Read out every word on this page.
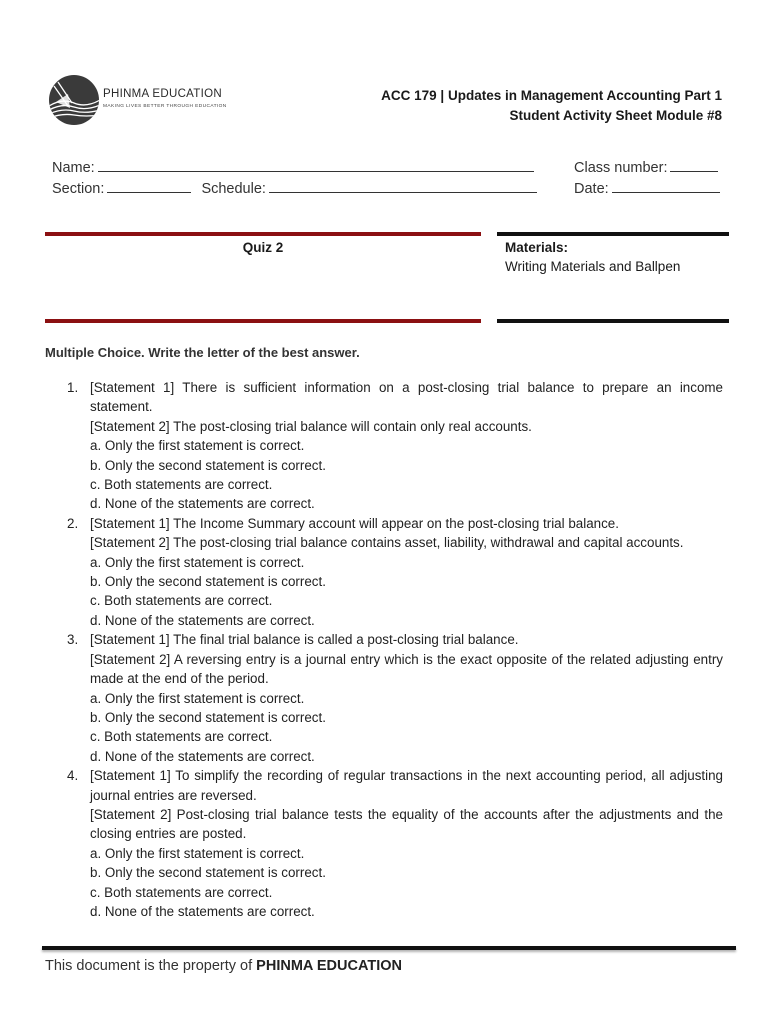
PHINMA EDUCATION
MAKING LIVES BETTER THROUGH EDUCATION
ACC 179 | Updates in Management Accounting Part 1
Student Activity Sheet Module #8
Name:
Section:	Schedule:
Class number:
Date:
Quiz 2	Materials:
Writing Materials and Ballpen
Multiple Choice. Write the letter of the best answer.
1. [Statement 1] There is sufficient information on a post-closing trial balance to prepare an income statement.
[Statement 2] The post-closing trial balance will contain only real accounts.
a. Only the first statement is correct.
b. Only the second statement is correct.
c. Both statements are correct.
d. None of the statements are correct.
2. [Statement 1] The Income Summary account will appear on the post-closing trial balance.
[Statement 2] The post-closing trial balance contains asset, liability, withdrawal and capital accounts.
a. Only the first statement is correct.
b. Only the second statement is correct.
c. Both statements are correct.
d. None of the statements are correct.
3. [Statement 1] The final trial balance is called a post-closing trial balance.
[Statement 2] A reversing entry is a journal entry which is the exact opposite of the related adjusting entry made at the end of the period.
a. Only the first statement is correct.
b. Only the second statement is correct.
c. Both statements are correct.
d. None of the statements are correct.
4. [Statement 1] To simplify the recording of regular transactions in the next accounting period, all adjusting journal entries are reversed.
[Statement 2] Post-closing trial balance tests the equality of the accounts after the adjustments and the closing entries are posted.
a. Only the first statement is correct.
b. Only the second statement is correct.
c. Both statements are correct.
d. None of the statements are correct.
This document is the property of PHINMA EDUCATION
